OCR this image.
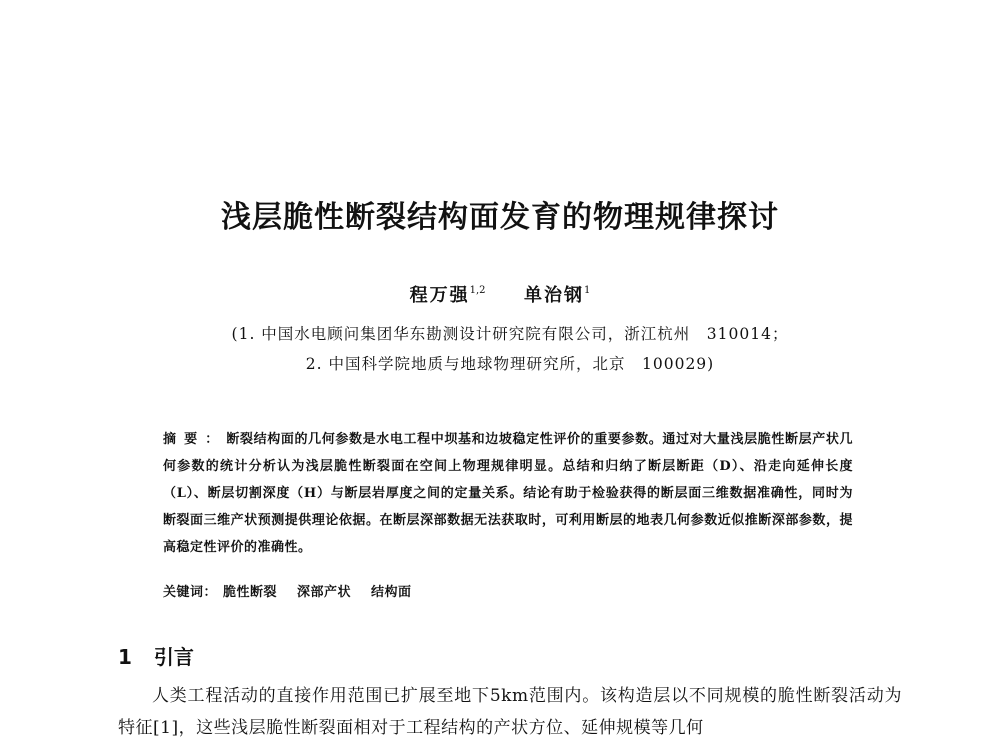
浅层脆性断裂结构面发育的物理规律探讨
程万强$^{1,2}$ 单治钢$^1$
(1. 中国水电顾问集团华东勘测设计研究院有限公司，浙江杭州　310014；
2. 中国科学院地质与地球物理研究所，北京　100029)
摘要：断裂结构面的几何参数是水电工程中坝基和边坡稳定性评价的重要参数。通过对大量浅层脆性断层产状几何参数的统计分析认为浅层脆性断裂面在空间上物理规律明显。总结和归纳了断层断距（D）、沿走向延伸长度（L）、断层切割深度（H）与断层岩厚度之间的定量关系。结论有助于检验获得的断层面三维数据准确性，同时为断裂面三维产状预测提供理论依据。在断层深部数据无法获取时，可利用断层的地表几何参数近似推断深部参数，提高稳定性评价的准确性。
关键词： 脆性断裂 深部产状 结构面
1 引言
人类工程活动的直接作用范围已扩展至地下5km范围内。该构造层以不同规模的脆性断裂活动为特征[1]，这些浅层脆性断裂面相对于工程结构的产状方位、延伸规模等几何
